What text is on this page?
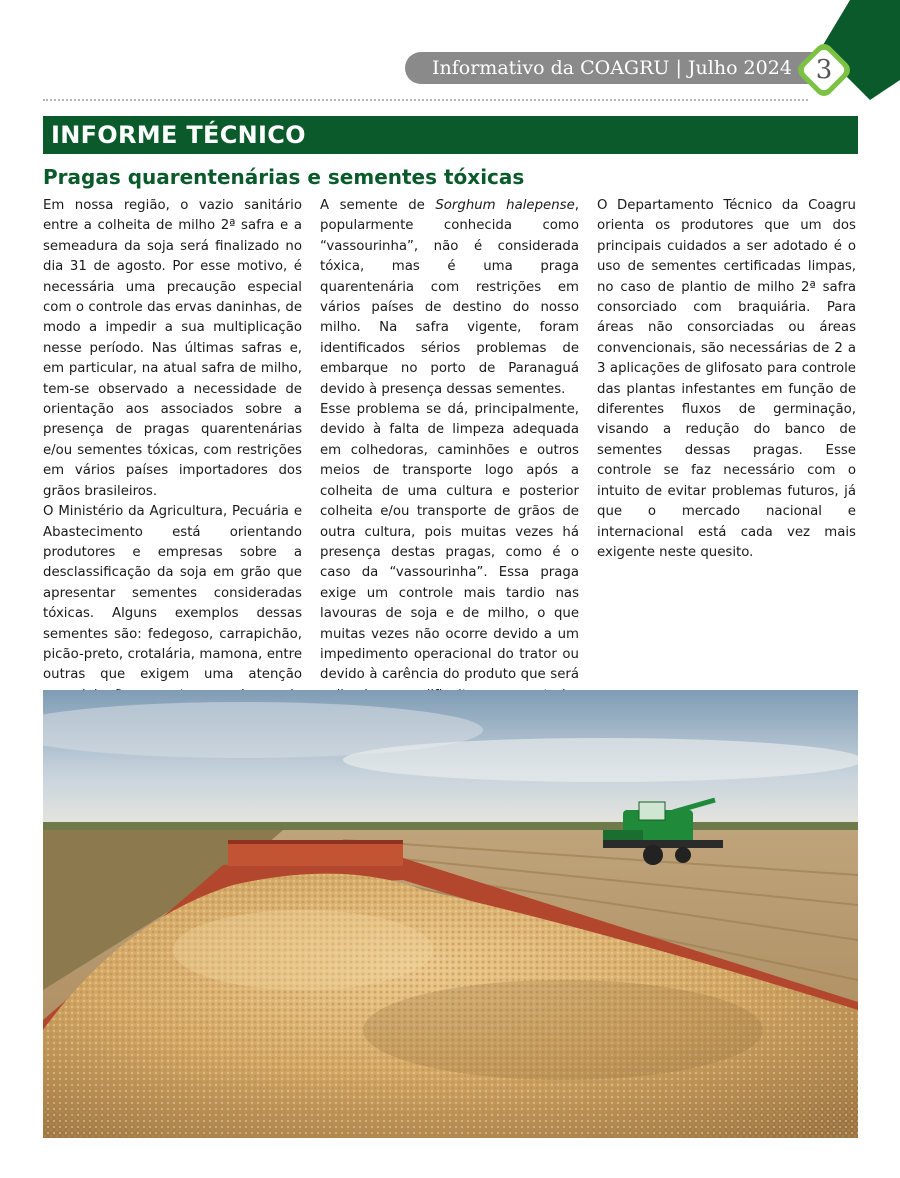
Informativo da COAGRU | Julho 2024 3
INFORME TÉCNICO
Pragas quarentenárias e sementes tóxicas

Em nossa região, o vazio sanitário entre a colheita de milho 2ª safra e a semeadura da soja será finalizado no dia 31 de agosto. Por esse motivo, é necessária uma precaução especial com o controle das ervas daninhas, de modo a impedir a sua multiplicação nesse período. Nas últimas safras e, em particular, na atual safra de milho, tem-se observado a necessidade de orientação aos associados sobre a presença de pragas quarentenárias e/ou sementes tóxicas, com restrições em vários países importadores dos grãos brasileiros.

O Ministério da Agricultura, Pecuária e Abastecimento está orientando produtores e empresas sobre a desclassificação da soja em grão que apresentar sementes consideradas tóxicas. Alguns exemplos dessas sementes são: fedegoso, carrapichão, picão-preto, crotalária, mamona, entre outras que exigem uma atenção

A semente de Sorghum halepense, popularmente conhecida como “vassourinha”, não é considerada tóxica, mas é uma praga quarentenária com restrições em vários países de destino do nosso milho. Na safra vigente, foram identificados sérios problemas de embarque no porto de Paranaguá devido à presença dessas sementes.

Esse problema se dá, principalmente, devido à falta de limpeza adequada em colhedoras, caminhões e outros meios de transporte logo após a colheita de uma cultura e posterior colheita e/ou transporte de grãos de outra cultura, pois muitas vezes há presença destas pragas, como é o caso da “vassourinha”. Essa praga exige um controle mais tardio nas lavouras de soja e de milho, o que muitas vezes não ocorre devido a um impedimento operacional do trator ou devido à carência do produto que será

O Departamento Técnico da Coagru orienta os produtores que um dos principais cuidados a ser adotado é o uso de sementes certificadas limpas, no caso de plantio de milho 2ª safra consorciado com braquiária. Para áreas não consorciadas ou áreas convencionais, são necessárias de 2 a 3 aplicações de glifosato para controle das plantas infestantes em função de diferentes fluxos de germinação, visando a redução do banco de sementes dessas pragas. Esse controle se faz necessário com o intuito de evitar problemas futuros, já que o mercado nacional e internacional está cada vez mais exigente neste quesito.
